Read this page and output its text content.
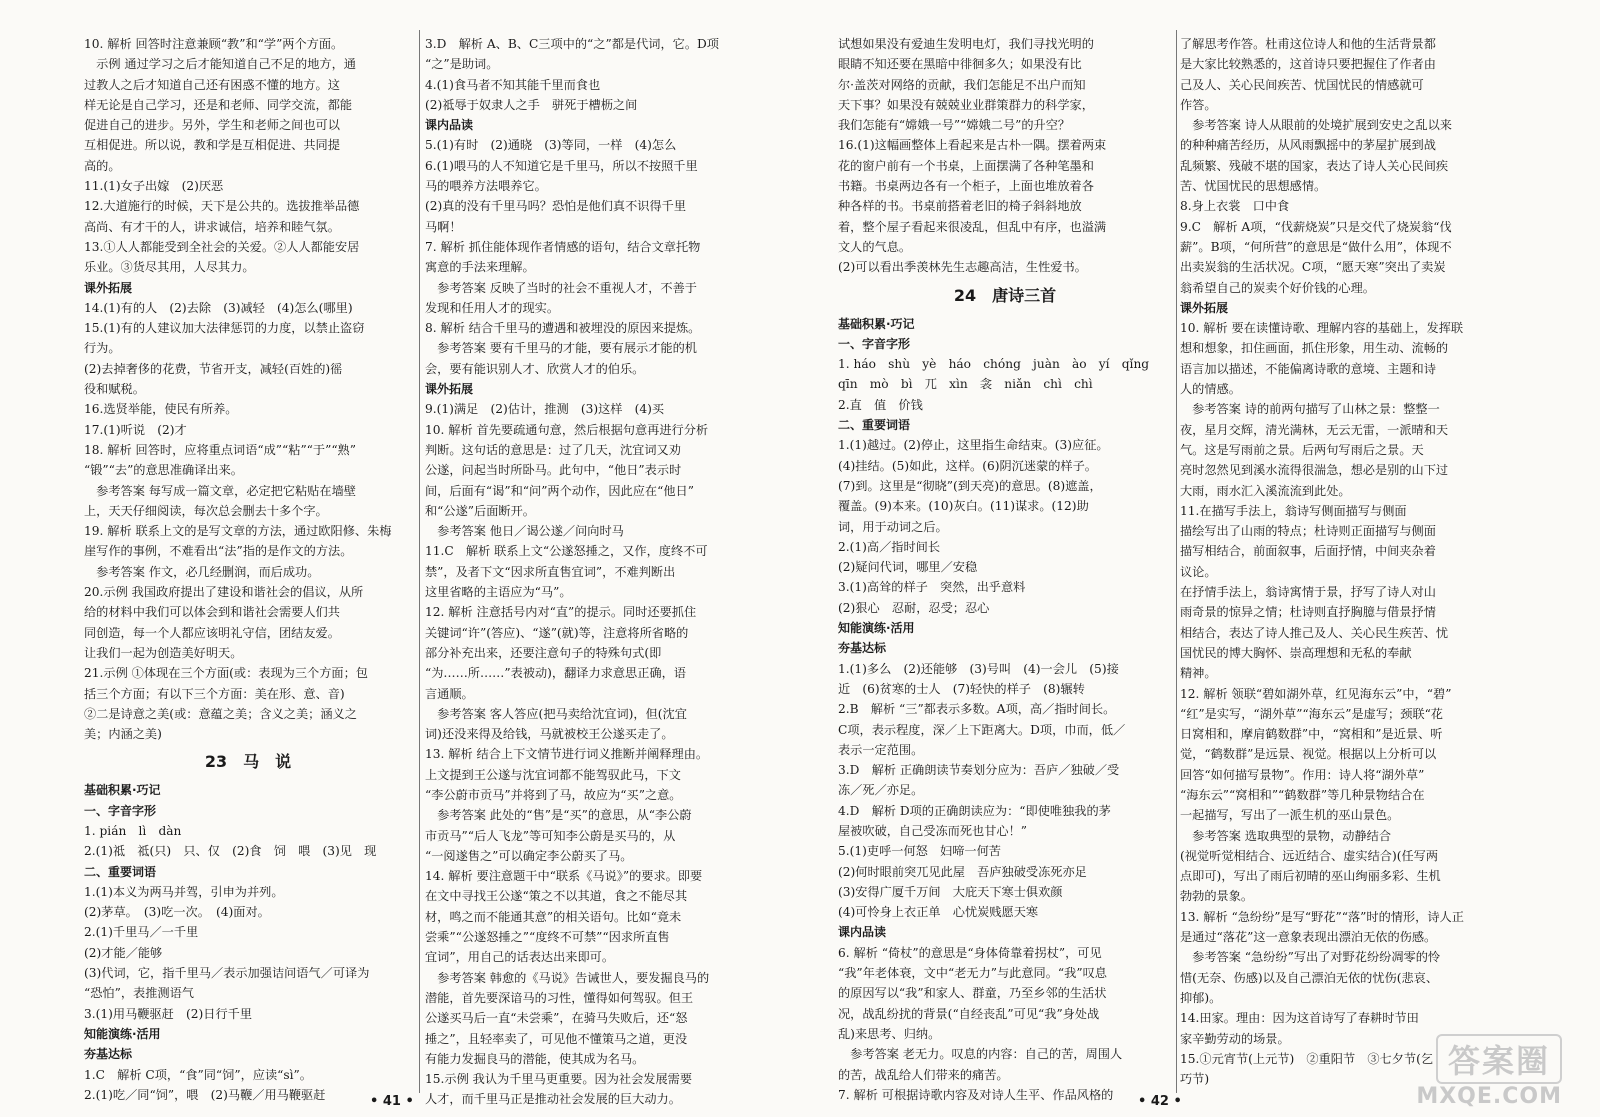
10. 解析 回答时注意兼顾“教”和“学”两个方面。
　示例 通过学习之后才能知道自己不足的地方，通
过教人之后才知道自己还有困惑不懂的地方。这
样无论是自己学习，还是和老师、同学交流，都能
促进自己的进步。另外，学生和老师之间也可以
互相促进。所以说，教和学是互相促进、共同提
高的。
11.(1)女子出嫁　(2)厌恶
12.大道施行的时候，天下是公共的。选拔推举品德
高尚、有才干的人，讲求诚信，培养和睦气氛。
13.①人人都能受到全社会的关爱。②人人都能安居
乐业。③货尽其用，人尽其力。
课外拓展
14.(1)有的人　(2)去除　(3)减轻　(4)怎么(哪里)
15.(1)有的人建议加大法律惩罚的力度，以禁止盗窃
行为。
(2)去掉奢侈的花费，节省开支，减轻(百姓的)徭
役和赋税。
16.选贤举能，使民有所养。
17.(1)听说　(2)才
18. 解析 回答时，应将重点词语“成”“粘”“于”“熟”
“锻”“去”的意思准确译出来。
　参考答案 每写成一篇文章，必定把它粘贴在墙壁
上，天天仔细阅读，每次总会删去十多个字。
19. 解析 联系上文的是写文章的方法，通过欧阳修、朱梅
崖写作的事例，不难看出“法”指的是作文的方法。
　参考答案 作文，必几经删润，而后成功。
20.示例 我国政府提出了建设和谐社会的倡议，从所
给的材料中我们可以体会到和谐社会需要人们共
同创造，每一个人都应该明礼守信，团结友爱。
让我们一起为创造美好明天。
21.示例 ①体现在三个方面(或：表现为三个方面；包
括三个方面；有以下三个方面：美在形、意、音)
②二是诗意之美(或：意蕴之美；含义之美；涵义之
美；内涵之美)
23　马　说
基础积累·巧记
一、字音字形
1. pián　lì　dàn
2.(1)祗　祗(只)　只、仅　(2)食　饲　喂　(3)见　现
二、重要词语
1.(1)本义为两马并驾，引申为并列。
(2)茅草。　(3)吃一次。　(4)面对。
2.(1)千里马／一千里
(2)才能／能够
(3)代词，它，指千里马／表示加强诘问语气／可译为
“恐怕”，表推测语气
3.(1)用马鞭驱赶　(2)日行千里
知能演练·活用
夯基达标
1.C　解析 C项，“食”同“饲”，应读“sì”。
2.(1)吃／同“饲”，喂　(2)马鞭／用马鞭驱赶
3.D　解析 A、B、C三项中的“之”都是代词，它。D项
“之”是助词。
4.(1)食马者不知其能千里而食也
(2)祗辱于奴隶人之手　骈死于槽枥之间
课内品读
5.(1)有时　(2)通晓　(3)等同，一样　(4)怎么
6.(1)喂马的人不知道它是千里马，所以不按照千里
马的喂养方法喂养它。
(2)真的没有千里马吗？恐怕是他们真不识得千里
马啊！
7. 解析 抓住能体现作者情感的语句，结合文章托物
寓意的手法来理解。
　参考答案 反映了当时的社会不重视人才，不善于
发现和任用人才的现实。
8. 解析 结合千里马的遭遇和被埋没的原因来提炼。
　参考答案 要有千里马的才能，要有展示才能的机
会，要有能识别人才、欣赏人才的伯乐。
课外拓展
9.(1)满足　(2)估计，推测　(3)这样　(4)买
10. 解析 首先要疏通句意，然后根据句意再进行分析
判断。这句话的意思是：过了几天，沈宜词又劝
公遂，问起当时所卧马。此句中，“他日”表示时
间，后面有“谒”和“问”两个动作，因此应在“他日”
和“公遂”后面断开。
　参考答案 他日／谒公遂／问向时马
11.C　解析 联系上文“公遂怒捶之，又作，度终不可
禁”，及者下文“因求所直售宜词”，不难判断出
这里省略的主语应为“马”。
12. 解析 注意括号内对“直”的提示。同时还要抓住
关键词“许”(答应)、“遂”(就)等，注意将所省略的
部分补充出来，还要注意句子的特殊句式(即
“为……所……”表被动)，翻译力求意思正确，语
言通顺。
　参考答案 客人答应(把马卖给沈宜词)，但(沈宜
词)还没来得及给钱，马就被校王公遂买走了。
13. 解析 结合上下文情节进行词义推断并阐释理由。
上文提到王公遂与沈宜词都不能驾驭此马，下文
“李公蔚市贡马”并将到了马，故应为“买”之意。
　参考答案 此处的“售”是“买”的意思，从“李公蔚
市贡马”“后人飞龙”等可知李公蔚是买马的，从
“一阅遂售之”可以确定李公蔚买了马。
14. 解析 要注意题干中“联系《马说》”的要求。即要
在文中寻找王公遂“策之不以其道，食之不能尽其
材，鸣之而不能通其意”的相关语句。比如“竟未
尝乘”“公遂怒捶之”“度终不可禁”“因求所直售
宜词”，用自己的话表达出来即可。
　参考答案 韩愈的《马说》告诫世人，要发掘良马的
潜能，首先要深谙马的习性，懂得如何驾驭。但王
公遂买马后一直“未尝乘”，在骑马失败后，还“怒
捶之”，且轻率卖了，可见他不懂策马之道，更没
有能力发掘良马的潜能，使其成为名马。
15.示例 我认为千里马更重要。因为社会发展需要
人才，而千里马正是推动社会发展的巨大动力。
试想如果没有爱迪生发明电灯，我们寻找光明的
眼睛不知还要在黑暗中徘徊多久；如果没有比
尔·盖茨对网络的贡献，我们怎能足不出户而知
天下事？如果没有兢兢业业群策群力的科学家，
我们怎能有“嫦娥一号”“嫦娥二号”的升空？
16.(1)这幅画整体上看起来是古朴一隅。摆着两束
花的窗户前有一个书桌，上面摆满了各种笔墨和
书籍。书桌两边各有一个柜子，上面也堆放着各
种各样的书。书桌前搭着老旧的椅子斜斜地放
着，整个屋子看起来很凌乱，但乱中有序，也溢满
文人的气息。
(2)可以看出季羡林先生志趣高洁，生性爱书。
24　唐诗三首
基础积累·巧记
一、字音字形
1. háo　shù　yè　háo　chóng　juàn　ào　yí　qǐng
qīn　mò　bì　兀　xìn　衾　niǎn　chì　chì
2.直　值　价钱
二、重要词语
1.(1)越过。(2)停止，这里指生命结束。(3)应征。
(4)挂结。(5)如此，这样。(6)阴沉迷蒙的样子。
(7)到。这里是“彻晓”(到天亮)的意思。(8)遮盖，
覆盖。(9)本来。(10)灰白。(11)谋求。(12)助
词，用于动词之后。
2.(1)高／指时间长
(2)疑问代词，哪里／安稳
3.(1)高耸的样子　突然，出乎意料
(2)狠心　忍耐，忍受；忍心
知能演练·活用
夯基达标
1.(1)多么　(2)还能够　(3)号叫　(4)一会儿　(5)接
近　(6)贫寒的士人　(7)轻快的样子　(8)辗转
2.B　解析 “三”都表示多数。A项，高／指时间长。
C项，表示程度，深／上下距离大。D项，巾而，低／
表示一定范围。
3.D　解析 正确朗读节奏划分应为：吾庐／独破／受
冻／死／亦足。
4.D　解析 D项的正确朗读应为：“即使唯独我的茅
屋被吹破，自己受冻而死也甘心！”
5.(1)吏呼一何怒　妇啼一何苦
(2)何时眼前突兀见此屋　吾庐独破受冻死亦足
(3)安得广厦千万间　大庇天下寒士俱欢颜
(4)可怜身上衣正单　心忧炭贱愿天寒
课内品读
6. 解析 “倚杖”的意思是“身体倚靠着拐杖”，可见
“我”年老体衰，文中“老无力”与此意同。“我”叹息
的原因写以“我”和家人、群童，乃至乡邻的生活状
况，战乱纷扰的背景(“自经丧乱”可见“我”身处战
乱)来思考、归纳。
　参考答案 老无力。叹息的内容：自己的苦，周围人
的苦，战乱给人们带来的痛苦。
7. 解析 可根据诗歌内容及对诗人生平、作品风格的
了解思考作答。杜甫这位诗人和他的生活背景都
是大家比较熟悉的，这首诗只要把握住了作者由
己及人、关心民间疾苦、忧国忧民的情感就可
作答。
　参考答案 诗人从眼前的处境扩展到安史之乱以来
的种种痛苦经历，从风雨飘摇中的茅屋扩展到战
乱频繁、残破不堪的国家，表达了诗人关心民间疾
苦、忧国忧民的思想感情。
8.身上衣裳　口中食
9.C　解析 A项，“伐薪烧炭”只是交代了烧炭翁“伐
薪”。B项，“何所营”的意思是“做什么用”，体现不
出卖炭翁的生活状况。C项，“愿天寒”突出了卖炭
翁希望自己的炭卖个好价钱的心理。
课外拓展
10. 解析 要在读懂诗歌、理解内容的基础上，发挥联
想和想象，扣住画面，抓住形象，用生动、流畅的
语言加以描述，不能偏离诗歌的意境、主题和诗
人的情感。
　参考答案 诗的前两句描写了山林之景：整整一
夜，星月交辉，清光满林，无云无雷，一派晴和天
气。这是写雨前之景。后两句写雨后之景。天
亮时忽然见到溪水流得很湍急，想必是别的山下过
大雨，雨水汇入溪流流到此处。
11.在描写手法上，翁诗写侧面描写与侧面
描绘写出了山雨的特点；杜诗则正面描写与侧面
描写相结合，前面叙事，后面抒情，中间夹杂着
议论。
在抒情手法上，翁诗寓情于景，抒写了诗人对山
雨奇景的惊异之情；杜诗则直抒胸臆与借景抒情
相结合，表达了诗人推己及人、关心民生疾苦、忧
国忧民的博大胸怀、崇高理想和无私的奉献
精神。
12. 解析 领联“碧如湖外草，红见海东云”中，“碧”
“红”是实写，“湖外草”“海东云”是虚写；颈联“花
日窝相和，摩肩鹤数群”中，“窝相和”是近景、听
觉，“鹤数群”是远景、视觉。根据以上分析可以
回答“如何描写景物”。作用：诗人将“湖外草”
“海东云”“窝相和”“鹤数群”等几种景物结合在
一起描写，写出了一派生机的巫山景色。
　参考答案 选取典型的景物，动静结合
(视觉听觉相结合、远近结合、虚实结合)(任写两
点即可)，写出了雨后初晴的巫山绚丽多彩、生机
勃勃的景象。
13. 解析 “急纷纷”是写“野花”“落”时的情形，诗人正
是通过“落花”这一意象表现出漂泊无依的伤感。
　参考答案 “急纷纷”写出了对野花纷纷凋零的怜
惜(无奈、伤感)以及自己漂泊无依的忧伤(悲哀、
抑郁)。
14.田家。理由：因为这首诗写了春耕时节田
家辛勤劳动的场景。
15.①元宵节(上元节)　②重阳节　③七夕节(乞
巧节)
• 41 •	• 42 •
答案圈
MXQE.COM
